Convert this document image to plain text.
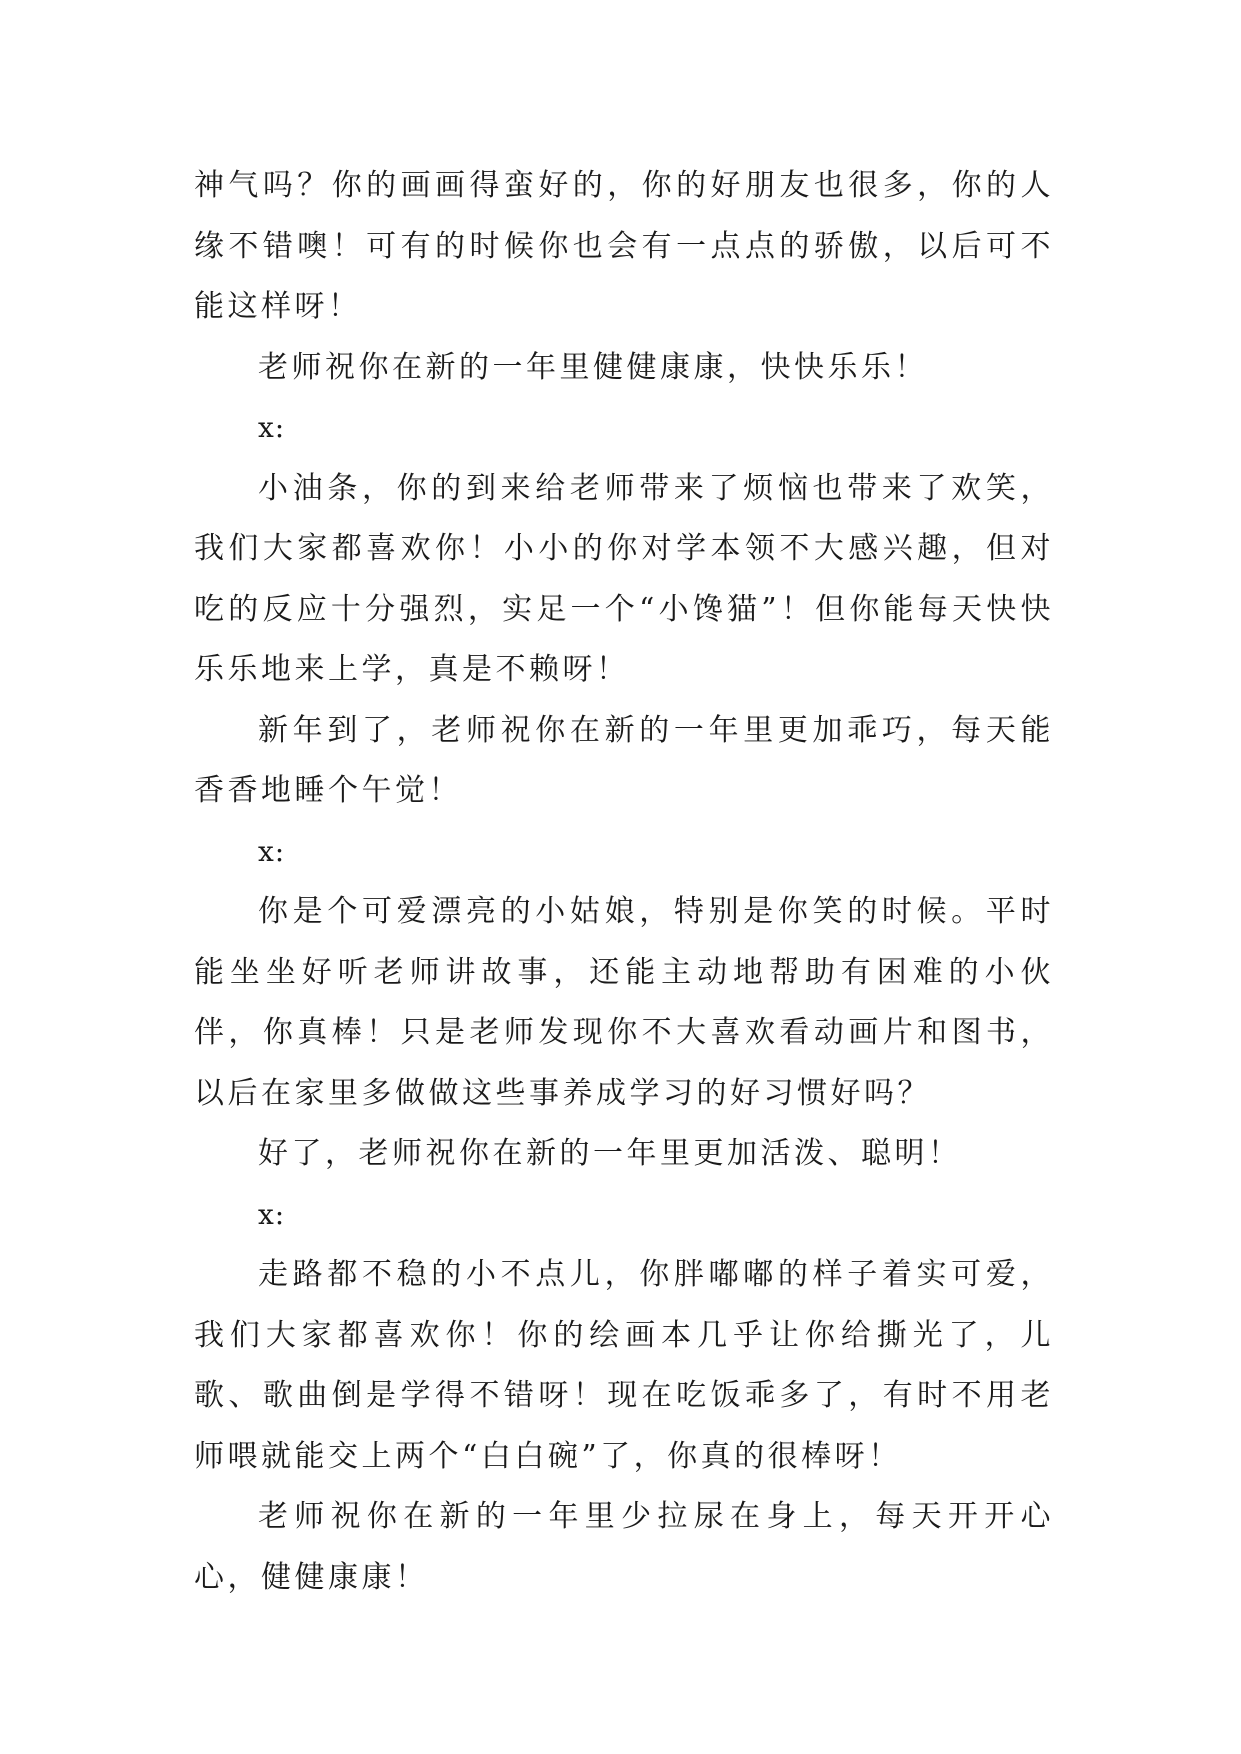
神气吗？你的画画得蛮好的，你的好朋友也很多，你的人缘不错噢！可有的时候你也会有一点点的骄傲，以后可不能这样呀！

老师祝你在新的一年里健健康康，快快乐乐！

x:

小油条，你的到来给老师带来了烦恼也带来了欢笑，我们大家都喜欢你！小小的你对学本领不大感兴趣，但对吃的反应十分强烈，实足一个“小馋猫”！但你能每天快快乐乐地来上学，真是不赖呀！

新年到了，老师祝你在新的一年里更加乖巧，每天能香香地睡个午觉！

x:

你是个可爱漂亮的小姑娘，特别是你笑的时候。平时能坐坐好听老师讲故事，还能主动地帮助有困难的小伙伴，你真棒！只是老师发现你不大喜欢看动画片和图书，以后在家里多做做这些事养成学习的好习惯好吗？

好了，老师祝你在新的一年里更加活泼、聪明！

x:

走路都不稳的小不点儿，你胖嘟嘟的样子着实可爱，我们大家都喜欢你！你的绘画本几乎让你给撕光了，儿歌、歌曲倒是学得不错呀！现在吃饭乖多了，有时不用老师喂就能交上两个“白白碗”了，你真的很棒呀！

老师祝你在新的一年里少拉尿在身上，每天开开心心，健健康康！
